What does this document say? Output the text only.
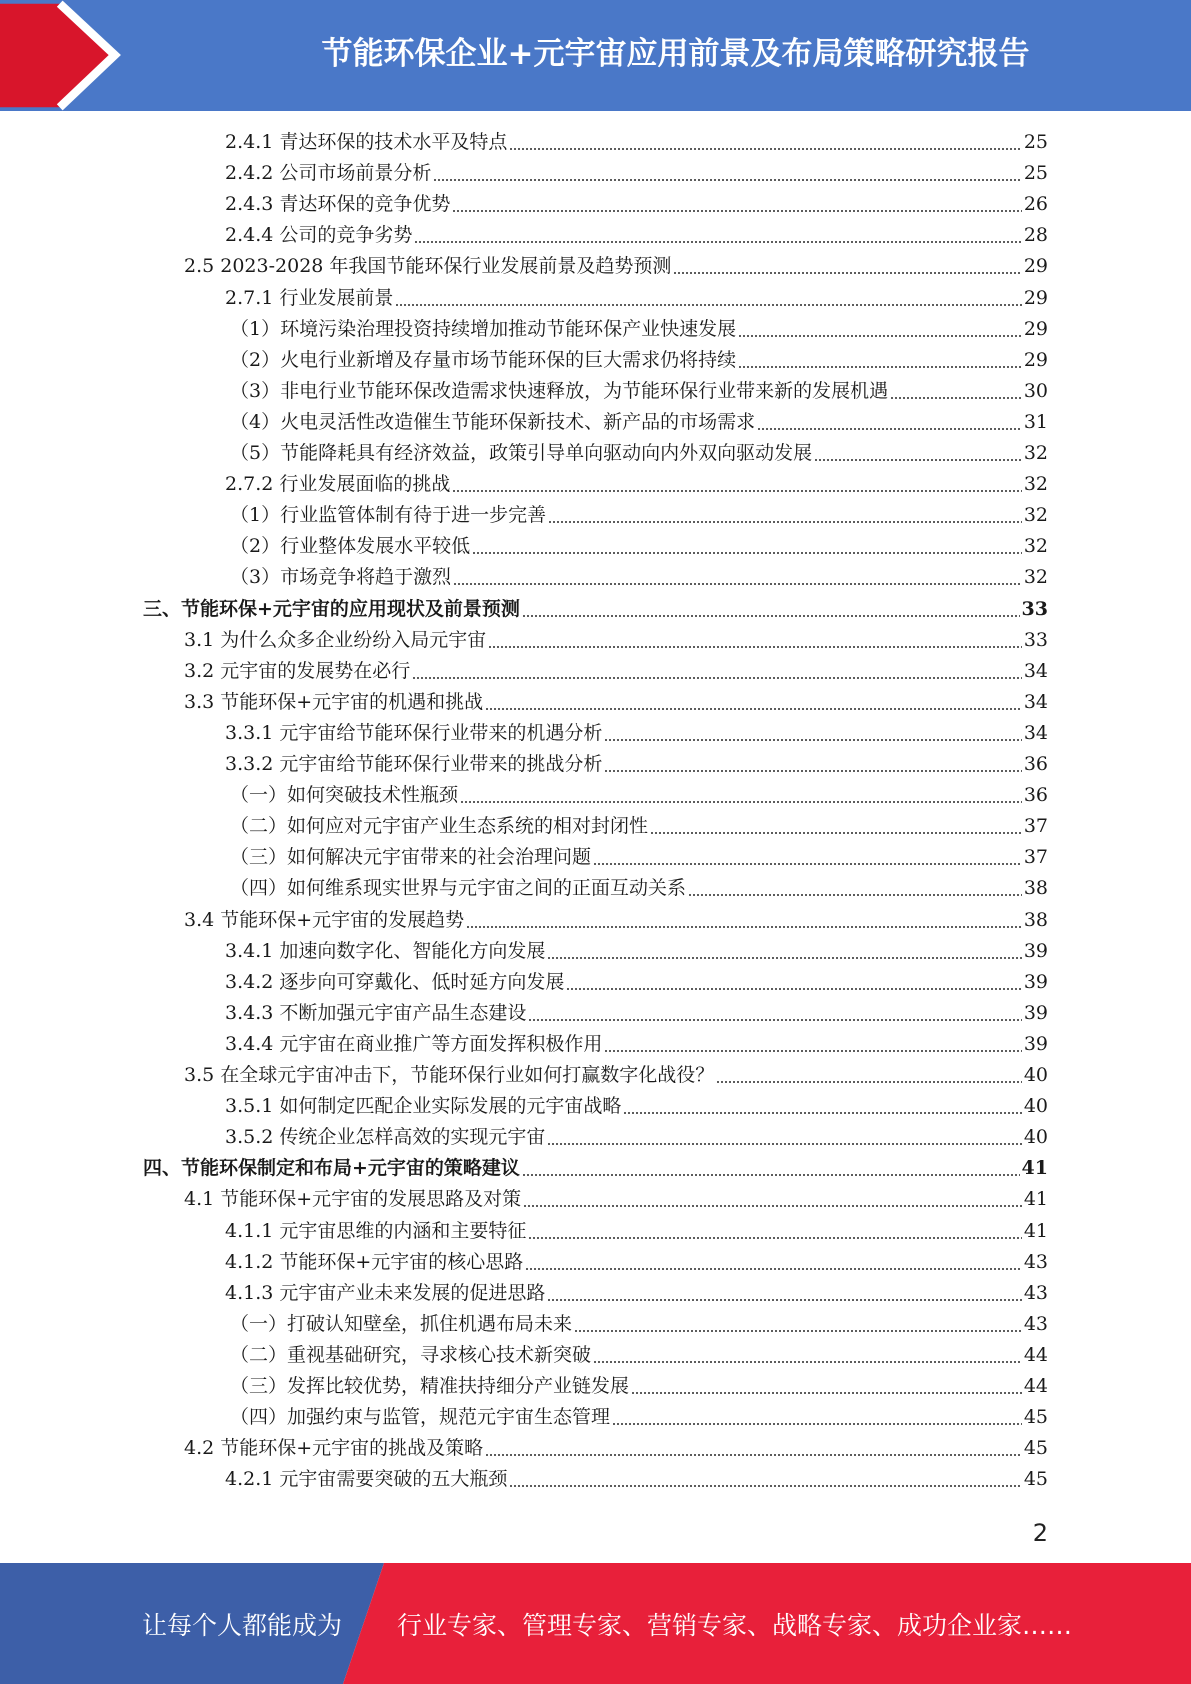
节能环保企业+元宇宙应用前景及布局策略研究报告
2.4.1 青达环保的技术水平及特点	25
2.4.2 公司市场前景分析	25
2.4.3 青达环保的竞争优势	26
2.4.4 公司的竞争劣势	28
2.5 2023-2028 年我国节能环保行业发展前景及趋势预测	29
2.7.1 行业发展前景	29
（1）环境污染治理投资持续增加推动节能环保产业快速发展	29
（2）火电行业新增及存量市场节能环保的巨大需求仍将持续	29
（3）非电行业节能环保改造需求快速释放，为节能环保行业带来新的发展机遇	30
（4）火电灵活性改造催生节能环保新技术、新产品的市场需求	31
（5）节能降耗具有经济效益，政策引导单向驱动向内外双向驱动发展	32
2.7.2 行业发展面临的挑战	32
（1）行业监管体制有待于进一步完善	32
（2）行业整体发展水平较低	32
（3）市场竞争将趋于激烈	32
三、节能环保+元宇宙的应用现状及前景预测	33
3.1 为什么众多企业纷纷入局元宇宙	33
3.2 元宇宙的发展势在必行	34
3.3 节能环保+元宇宙的机遇和挑战	34
3.3.1 元宇宙给节能环保行业带来的机遇分析	34
3.3.2 元宇宙给节能环保行业带来的挑战分析	36
（一）如何突破技术性瓶颈	36
（二）如何应对元宇宙产业生态系统的相对封闭性	37
（三）如何解决元宇宙带来的社会治理问题	37
（四）如何维系现实世界与元宇宙之间的正面互动关系	38
3.4 节能环保+元宇宙的发展趋势	38
3.4.1 加速向数字化、智能化方向发展	39
3.4.2 逐步向可穿戴化、低时延方向发展	39
3.4.3 不断加强元宇宙产品生态建设	39
3.4.4 元宇宙在商业推广等方面发挥积极作用	39
3.5 在全球元宇宙冲击下，节能环保行业如何打赢数字化战役？	40
3.5.1 如何制定匹配企业实际发展的元宇宙战略	40
3.5.2 传统企业怎样高效的实现元宇宙	40
四、节能环保制定和布局+元宇宙的策略建议	41
4.1 节能环保+元宇宙的发展思路及对策	41
4.1.1 元宇宙思维的内涵和主要特征	41
4.1.2 节能环保+元宇宙的核心思路	43
4.1.3 元宇宙产业未来发展的促进思路	43
（一）打破认知壁垒，抓住机遇布局未来	43
（二）重视基础研究，寻求核心技术新突破	44
（三）发挥比较优势，精准扶持细分产业链发展	44
（四）加强约束与监管，规范元宇宙生态管理	45
4.2 节能环保+元宇宙的挑战及策略	45
4.2.1 元宇宙需要突破的五大瓶颈	45
2
让每个人都能成为 行业专家、管理专家、营销专家、战略专家、成功企业家……
